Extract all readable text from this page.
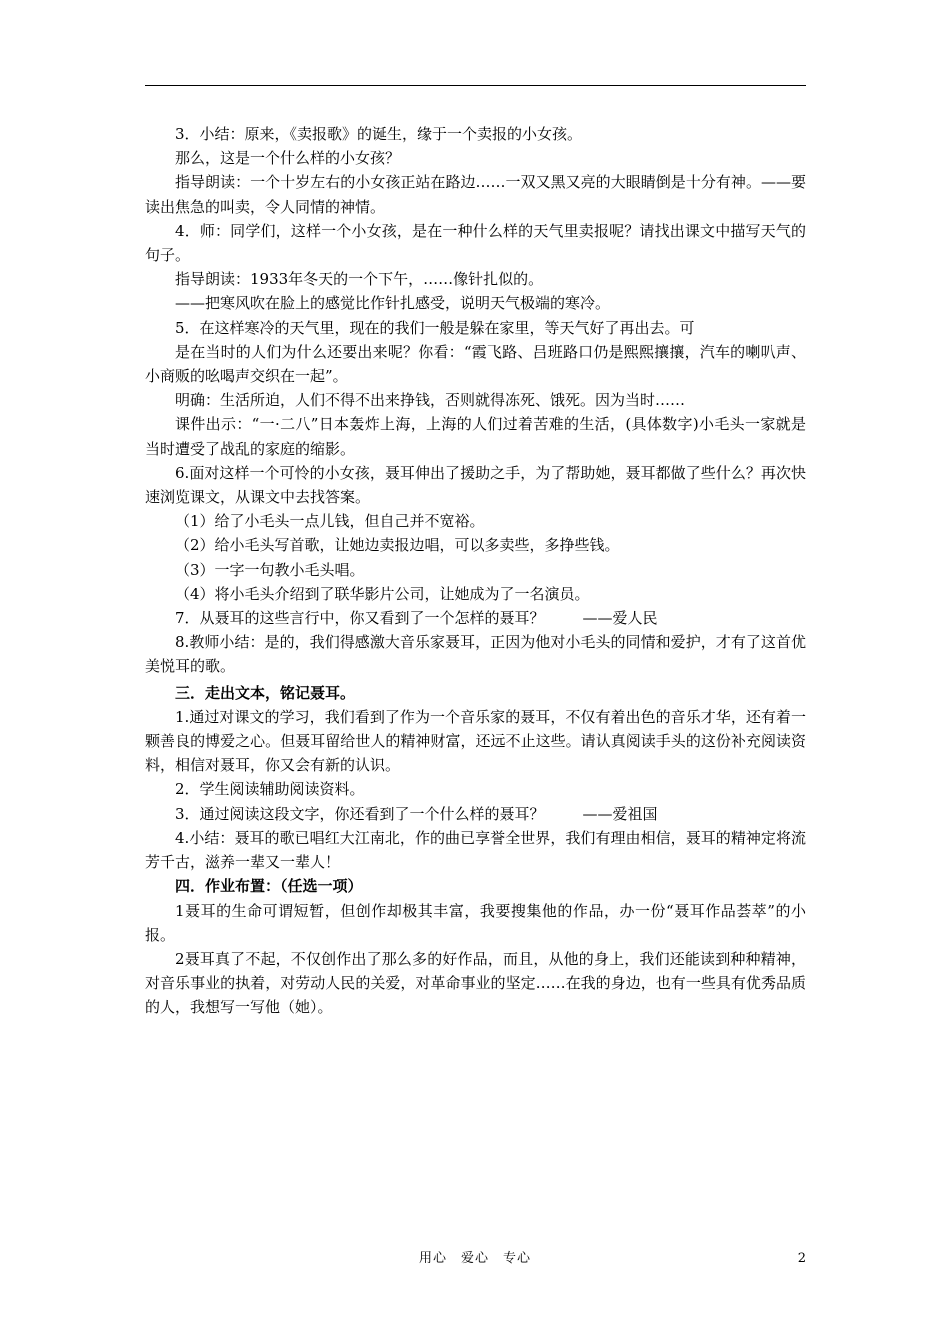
3．小结：原来，《卖报歌》的诞生，缘于一个卖报的小女孩。

那么，这是一个什么样的小女孩？

指导朗读：一个十岁左右的小女孩正站在路边……一双又黑又亮的大眼睛倒是十分有神。——要读出焦急的叫卖，令人同情的神情。

4．师：同学们，这样一个小女孩，是在一种什么样的天气里卖报呢？请找出课文中描写天气的句子。

指导朗读：1933年冬天的一个下午，……像针扎似的。

——把寒风吹在脸上的感觉比作针扎感受，说明天气极端的寒冷。

5．在这样寒冷的天气里，现在的我们一般是躲在家里，等天气好了再出去。可

是在当时的人们为什么还要出来呢？你看：“霞飞路、吕班路口仍是熙熙攘攘，汽车的喇叭声、小商贩的吆喝声交织在一起”。

明确：生活所迫，人们不得不出来挣钱，否则就得冻死、饿死。因为当时……

课件出示：“一·二八”日本轰炸上海，上海的人们过着苦难的生活，(具体数字)小毛头一家就是当时遭受了战乱的家庭的缩影。

6.面对这样一个可怜的小女孩，聂耳伸出了援助之手，为了帮助她，聂耳都做了些什么？再次快速浏览课文，从课文中去找答案。

（1）给了小毛头一点儿钱，但自己并不宽裕。

（2）给小毛头写首歌，让她边卖报边唱，可以多卖些，多挣些钱。

（3）一字一句教小毛头唱。

（4）将小毛头介绍到了联华影片公司，让她成为了一名演员。

7．从聂耳的这些言行中，你又看到了一个怎样的聂耳？	——爱人民

8.教师小结：是的，我们得感激大音乐家聂耳，正因为他对小毛头的同情和爱护，才有了这首优美悦耳的歌。

三．走出文本，铭记聂耳。

1.通过对课文的学习，我们看到了作为一个音乐家的聂耳，不仅有着出色的音乐才华，还有着一颗善良的博爱之心。但聂耳留给世人的精神财富，还远不止这些。请认真阅读手头的这份补充阅读资料，相信对聂耳，你又会有新的认识。

2．学生阅读辅助阅读资料。

3．通过阅读这段文字，你还看到了一个什么样的聂耳？	——爱祖国

4.小结：聂耳的歌已唱红大江南北，作的曲已享誉全世界，我们有理由相信，聂耳的精神定将流芳千古，滋养一辈又一辈人！

四．作业布置：（任选一项）

1聂耳的生命可谓短暂，但创作却极其丰富，我要搜集他的作品，办一份“聂耳作品荟萃”的小报。

2聂耳真了不起，不仅创作出了那么多的好作品，而且，从他的身上，我们还能读到种种精神，对音乐事业的执着，对劳动人民的关爱，对革命事业的坚定……在我的身边，也有一些具有优秀品质的人，我想写一写他（她）。

用心　爱心　专心	2
